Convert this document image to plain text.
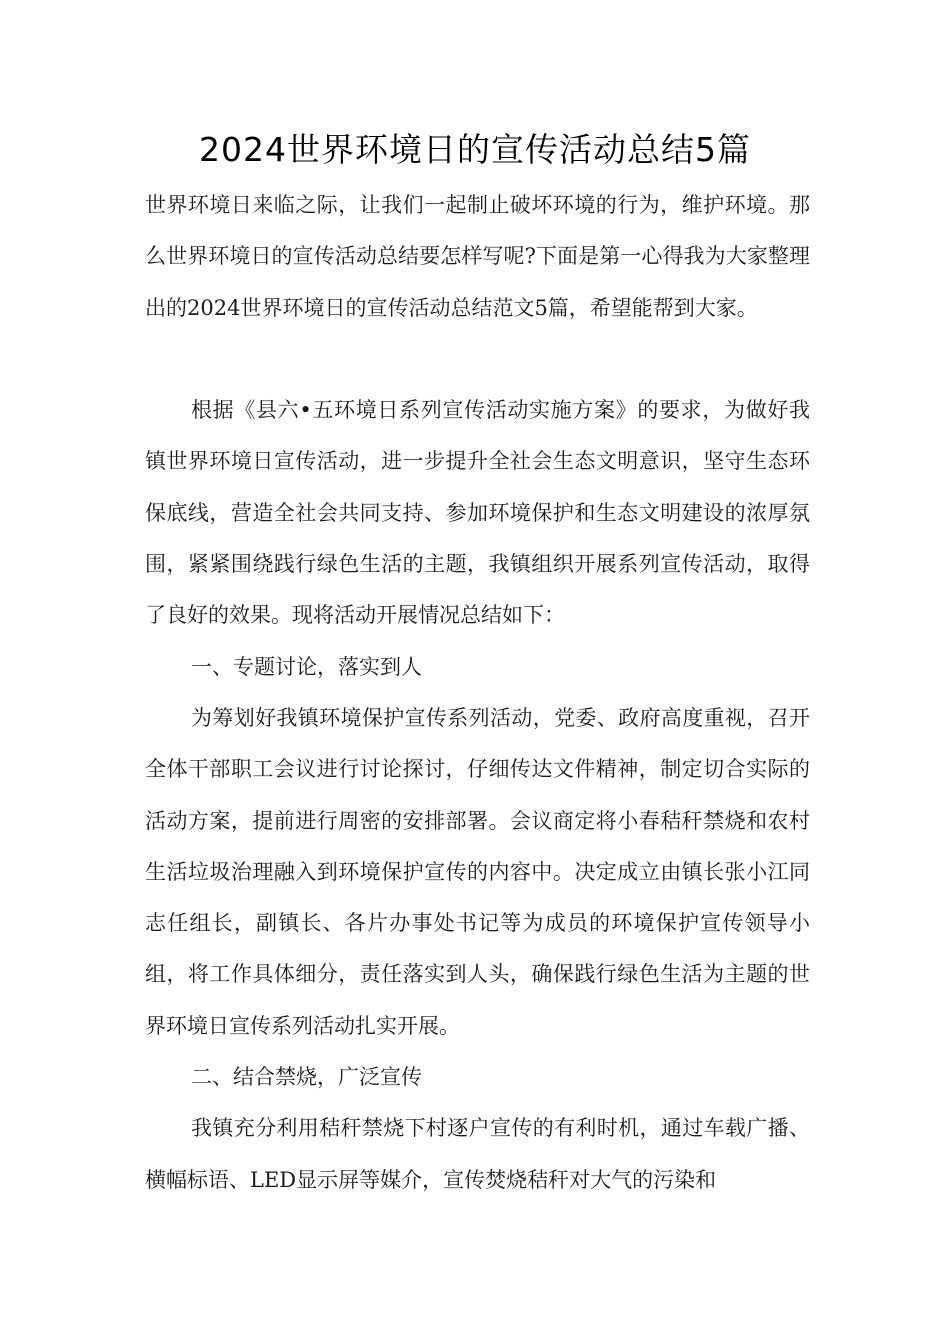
2024世界环境日的宣传活动总结5篇

世界环境日来临之际，让我们一起制止破坏环境的行为，维护环境。那么世界环境日的宣传活动总结要怎样写呢?下面是第一心得我为大家整理出的2024世界环境日的宣传活动总结范文5篇，希望能帮到大家。

根据《县六•五环境日系列宣传活动实施方案》的要求，为做好我镇世界环境日宣传活动，进一步提升全社会生态文明意识，坚守生态环保底线，营造全社会共同支持、参加环境保护和生态文明建设的浓厚氛围，紧紧围绕践行绿色生活的主题，我镇组织开展系列宣传活动，取得了良好的效果。现将活动开展情况总结如下：

一、专题讨论，落实到人

为筹划好我镇环境保护宣传系列活动，党委、政府高度重视，召开全体干部职工会议进行讨论探讨，仔细传达文件精神，制定切合实际的活动方案，提前进行周密的安排部署。会议商定将小春秸秆禁烧和农村生活垃圾治理融入到环境保护宣传的内容中。决定成立由镇长张小江同志任组长，副镇长、各片办事处书记等为成员的环境保护宣传领导小组，将工作具体细分，责任落实到人头，确保践行绿色生活为主题的世界环境日宣传系列活动扎实开展。

二、结合禁烧，广泛宣传

我镇充分利用秸秆禁烧下村逐户宣传的有利时机，通过车载广播、横幅标语、LED显示屏等媒介，宣传焚烧秸秆对大气的污染和
